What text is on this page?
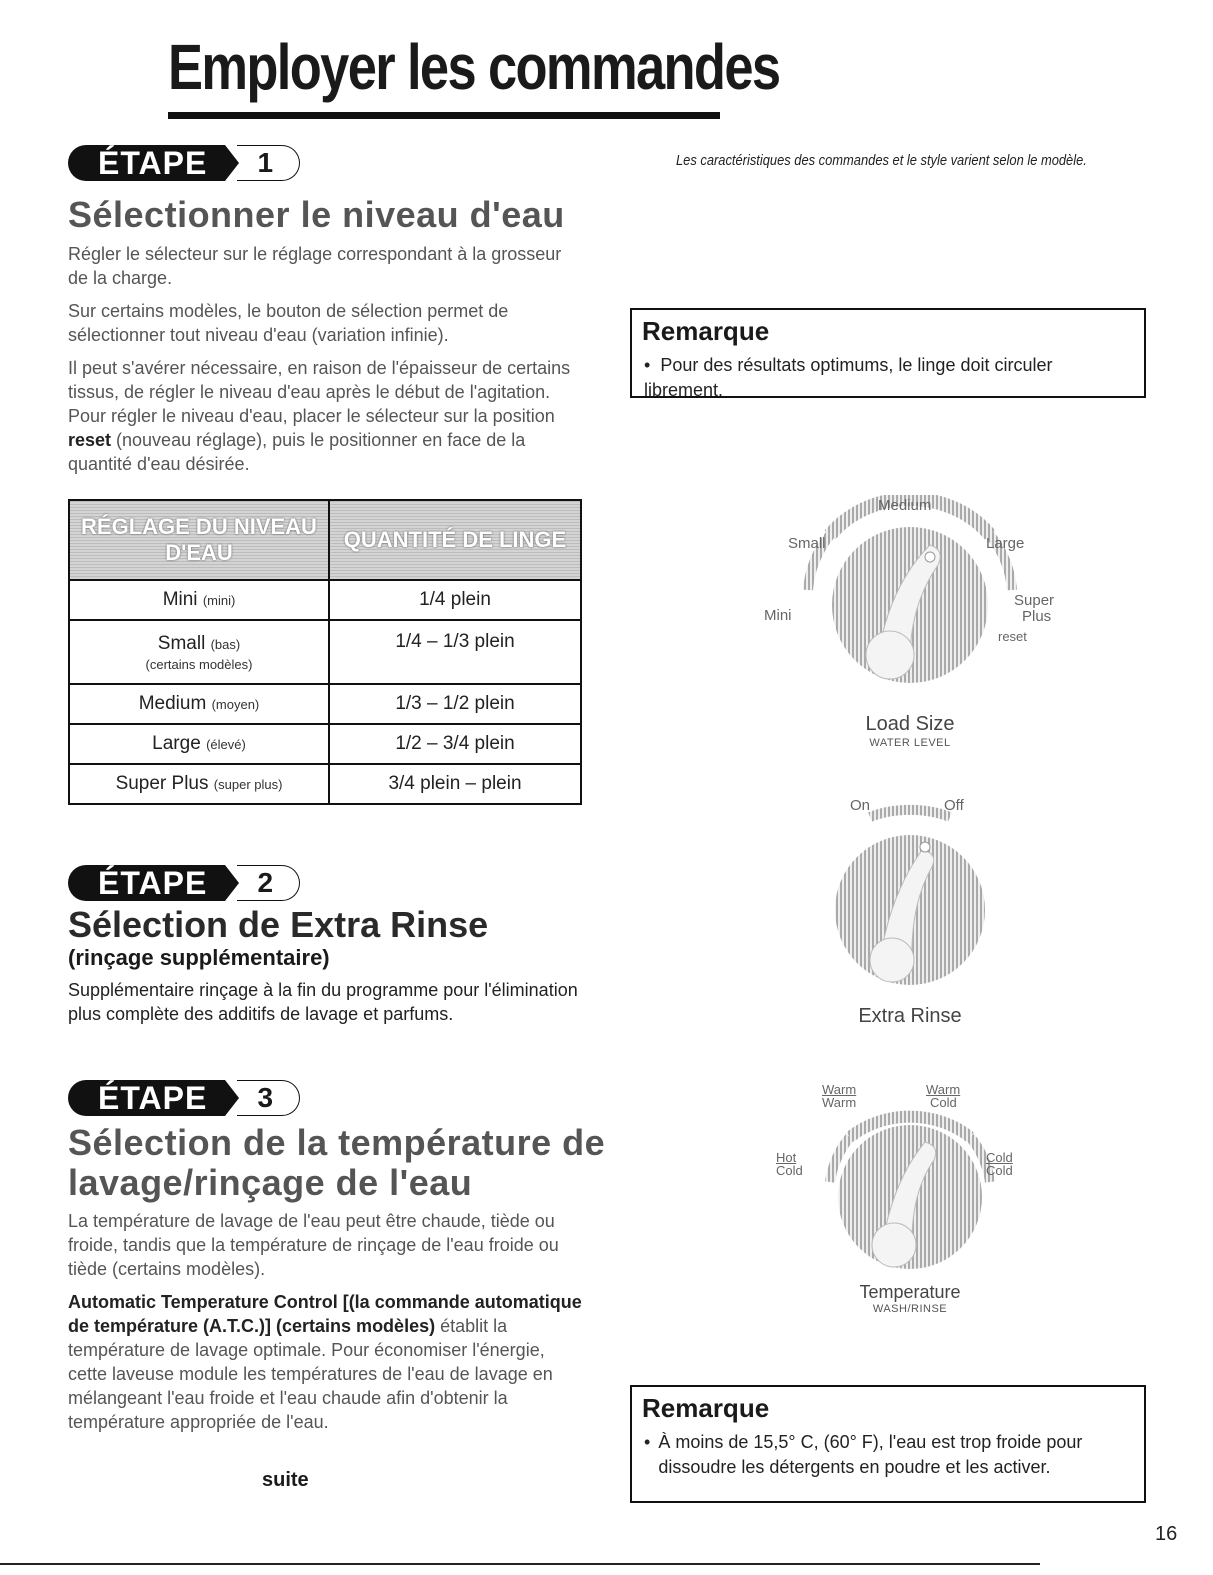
Employer les commandes
Les caractéristiques des commandes et le style varient selon le modèle.
ÉTAPE	1
Sélectionner le niveau d'eau
Régler le sélecteur sur le réglage correspondant à la grosseur de la charge.
Sur certains modèles, le bouton de sélection permet de sélectionner tout niveau d'eau (variation infinie).
Il peut s'avérer nécessaire, en raison de l'épaisseur de certains tissus, de régler le niveau d'eau après le début de l'agitation. Pour régler le niveau d'eau, placer le sélecteur sur la position reset (nouveau réglage), puis le positionner en face de la quantité d'eau désirée.
RÉGLAGE DU NIVEAU D'EAU	QUANTITÉ DE LINGE
Mini (mini)	1/4 plein
Small (bas)
(certains modèles)	1/4 – 1/3 plein
Medium (moyen)	1/3 – 1/2 plein
Large (élevé)	1/2 – 3/4 plein
Super Plus (super plus)	3/4 plein – plein
Remarque
•  Pour des résultats optimums, le linge doit circuler librement.
Medium
Small	Large
Super
Plus
Mini
reset
Load Size
WATER LEVEL
ÉTAPE	2
Sélection de Extra Rinse
(rinçage supplémentaire)
Supplémentaire rinçage à la fin du programme pour l'élimination plus complète des additifs de lavage et parfums.
On	Off
Extra Rinse
ÉTAPE	3
Sélection de la température de
lavage/rinçage de l'eau
La température de lavage de l'eau peut être chaude, tiède ou froide, tandis que la température de rinçage de l'eau froide ou tiède (certains modèles).
Automatic Temperature Control [(la commande automatique de température (A.T.C.)] (certains modèles) établit la température de lavage optimale. Pour économiser l'énergie, cette laveuse module les températures de l'eau de lavage en mélangeant l'eau froide et l'eau chaude afin d'obtenir la température appropriée de l'eau.
suite
Warm
Warm
Warm
Cold
Hot
Cold
Cold
Cold
Temperature
WASH/RINSE
Remarque
• À moins de 15,5° C, (60° F), l'eau est trop froide pour dissoudre les détergents en poudre et les activer.
16
